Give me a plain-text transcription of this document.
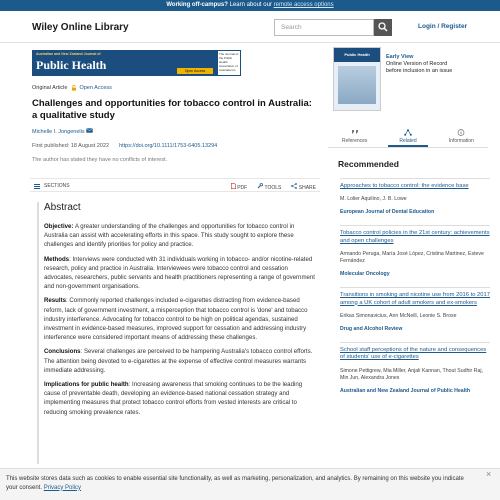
Working off-campus? Learn about our remote access options
Wiley Online Library	Search	Login / Register
Australian and New Zealand Journal of
Public Health	Open Access
The Journal of the Public Health Association of Australia Inc.
Original Article Open Access
Challenges and opportunities for tobacco control in Australia: a qualitative study
Michelle I. Jongenelis
First published: 18 August 2022 https://doi.org/10.1111/1753-6405.13294
The author has stated they have no conflicts of interest.
SECTIONS	PDF	TOOLS	SHARE
Abstract

Objective: A greater understanding of the challenges and opportunities for tobacco control in Australia can assist with accelerating efforts in this space. This study sought to explore these challenges and identify priorities for policy and practice.

Methods: Interviews were conducted with 31 individuals working in tobacco- and/or nicotine-related research, policy and practice in Australia. Interviewees were tobacco control and cessation advocates, researchers, public servants and health practitioners representing a range of government and non-government organisations.

Results: Commonly reported challenges included e-cigarettes distracting from evidence-based reform, lack of government investment, a misperception that tobacco control is 'done' and tobacco industry interference. Advocating for tobacco control to be high on political agendas, sustained investment in evidence-based measures, improved support for cessation and addressing industry interference were considered important means of addressing these challenges.

Conclusions: Several challenges are perceived to be hampering Australia's tobacco control efforts. The attention being devoted to e-cigarettes at the expense of effective control measures warrants immediate addressing.

Implications for public health: Increasing awareness that smoking continues to be the leading cause of preventable death, developing an evidence-based national cessation strategy and implementing measures that protect tobacco control efforts from vested interests are critical to reducing smoking prevalence rates.

Public Health	Early View
Online Version of Record
before inclusion in an issue
References	Related	Information
Recommended
Approaches to tobacco control: the evidence base
M. Lolier Aquilino, J. B. Lowe
European Journal of Dental Education
Tobacco control policies in the 21st century: achievements and open challenges
Armando Peruga, María José López, Cristina Martinez, Esteve Fernández
Molecular Oncology
Transitions in smoking and nicotine use from 2016 to 2017 among a UK cohort of adult smokers and ex-smokers
Erikas Simonavicius, Ann McNeill, Leonie S. Brose
Drug and Alcohol Review
School staff perceptions of the nature and consequences of students' use of e-cigarettes
Simone Pettigrew, Mia Miller, Anjali Kannan, Thout Sudhir Raj, Min Jun, Alexandra Jones
Australian and New Zealand Journal of Public Health
This website stores data such as cookies to enable essential site functionality, as well as marketing, personalization, and analytics. By remaining on this website you indicate your consent. Privacy Policy
×
